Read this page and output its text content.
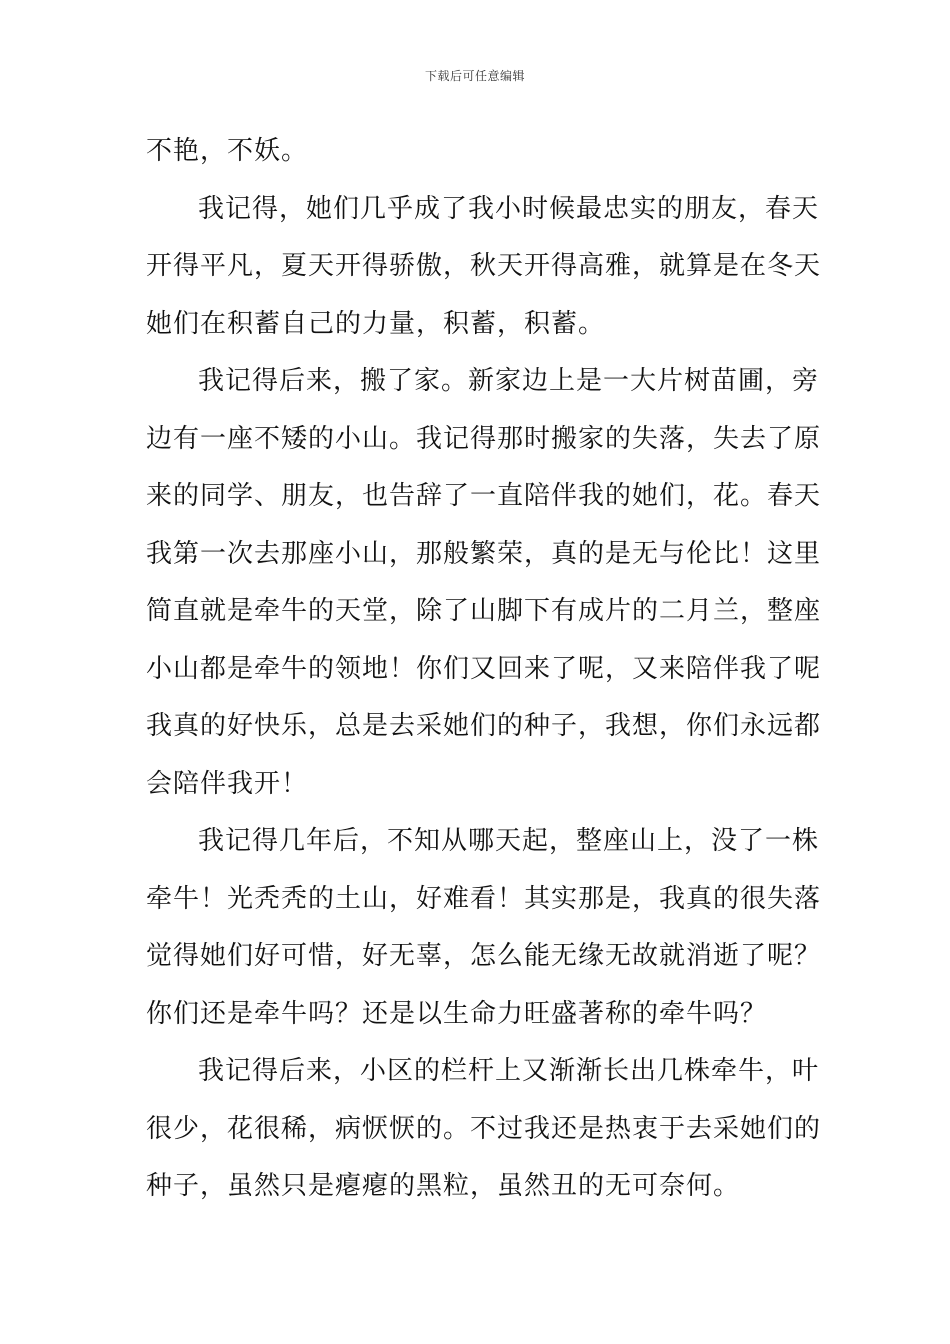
下载后可任意编辑
不艳，不妖。
我记得，她们几乎成了我小时候最忠实的朋友，春天
开得平凡，夏天开得骄傲，秋天开得高雅，就算是在冬天
她们在积蓄自己的力量，积蓄，积蓄。
我记得后来，搬了家。新家边上是一大片树苗圃，旁
边有一座不矮的小山。我记得那时搬家的失落，失去了原
来的同学、朋友，也告辞了一直陪伴我的她们，花。春天
我第一次去那座小山，那般繁荣，真的是无与伦比！这里
简直就是牵牛的天堂，除了山脚下有成片的二月兰，整座
小山都是牵牛的领地！你们又回来了呢，又来陪伴我了呢
我真的好快乐，总是去采她们的种子，我想，你们永远都
会陪伴我开！
我记得几年后，不知从哪天起，整座山上，没了一株
牵牛！光秃秃的土山，好难看！其实那是，我真的很失落
觉得她们好可惜，好无辜，怎么能无缘无故就消逝了呢？
你们还是牵牛吗？还是以生命力旺盛著称的牵牛吗？
我记得后来，小区的栏杆上又渐渐长出几株牵牛，叶
很少，花很稀，病恹恹的。不过我还是热衷于去采她们的
种子，虽然只是瘪瘪的黑粒，虽然丑的无可奈何。
